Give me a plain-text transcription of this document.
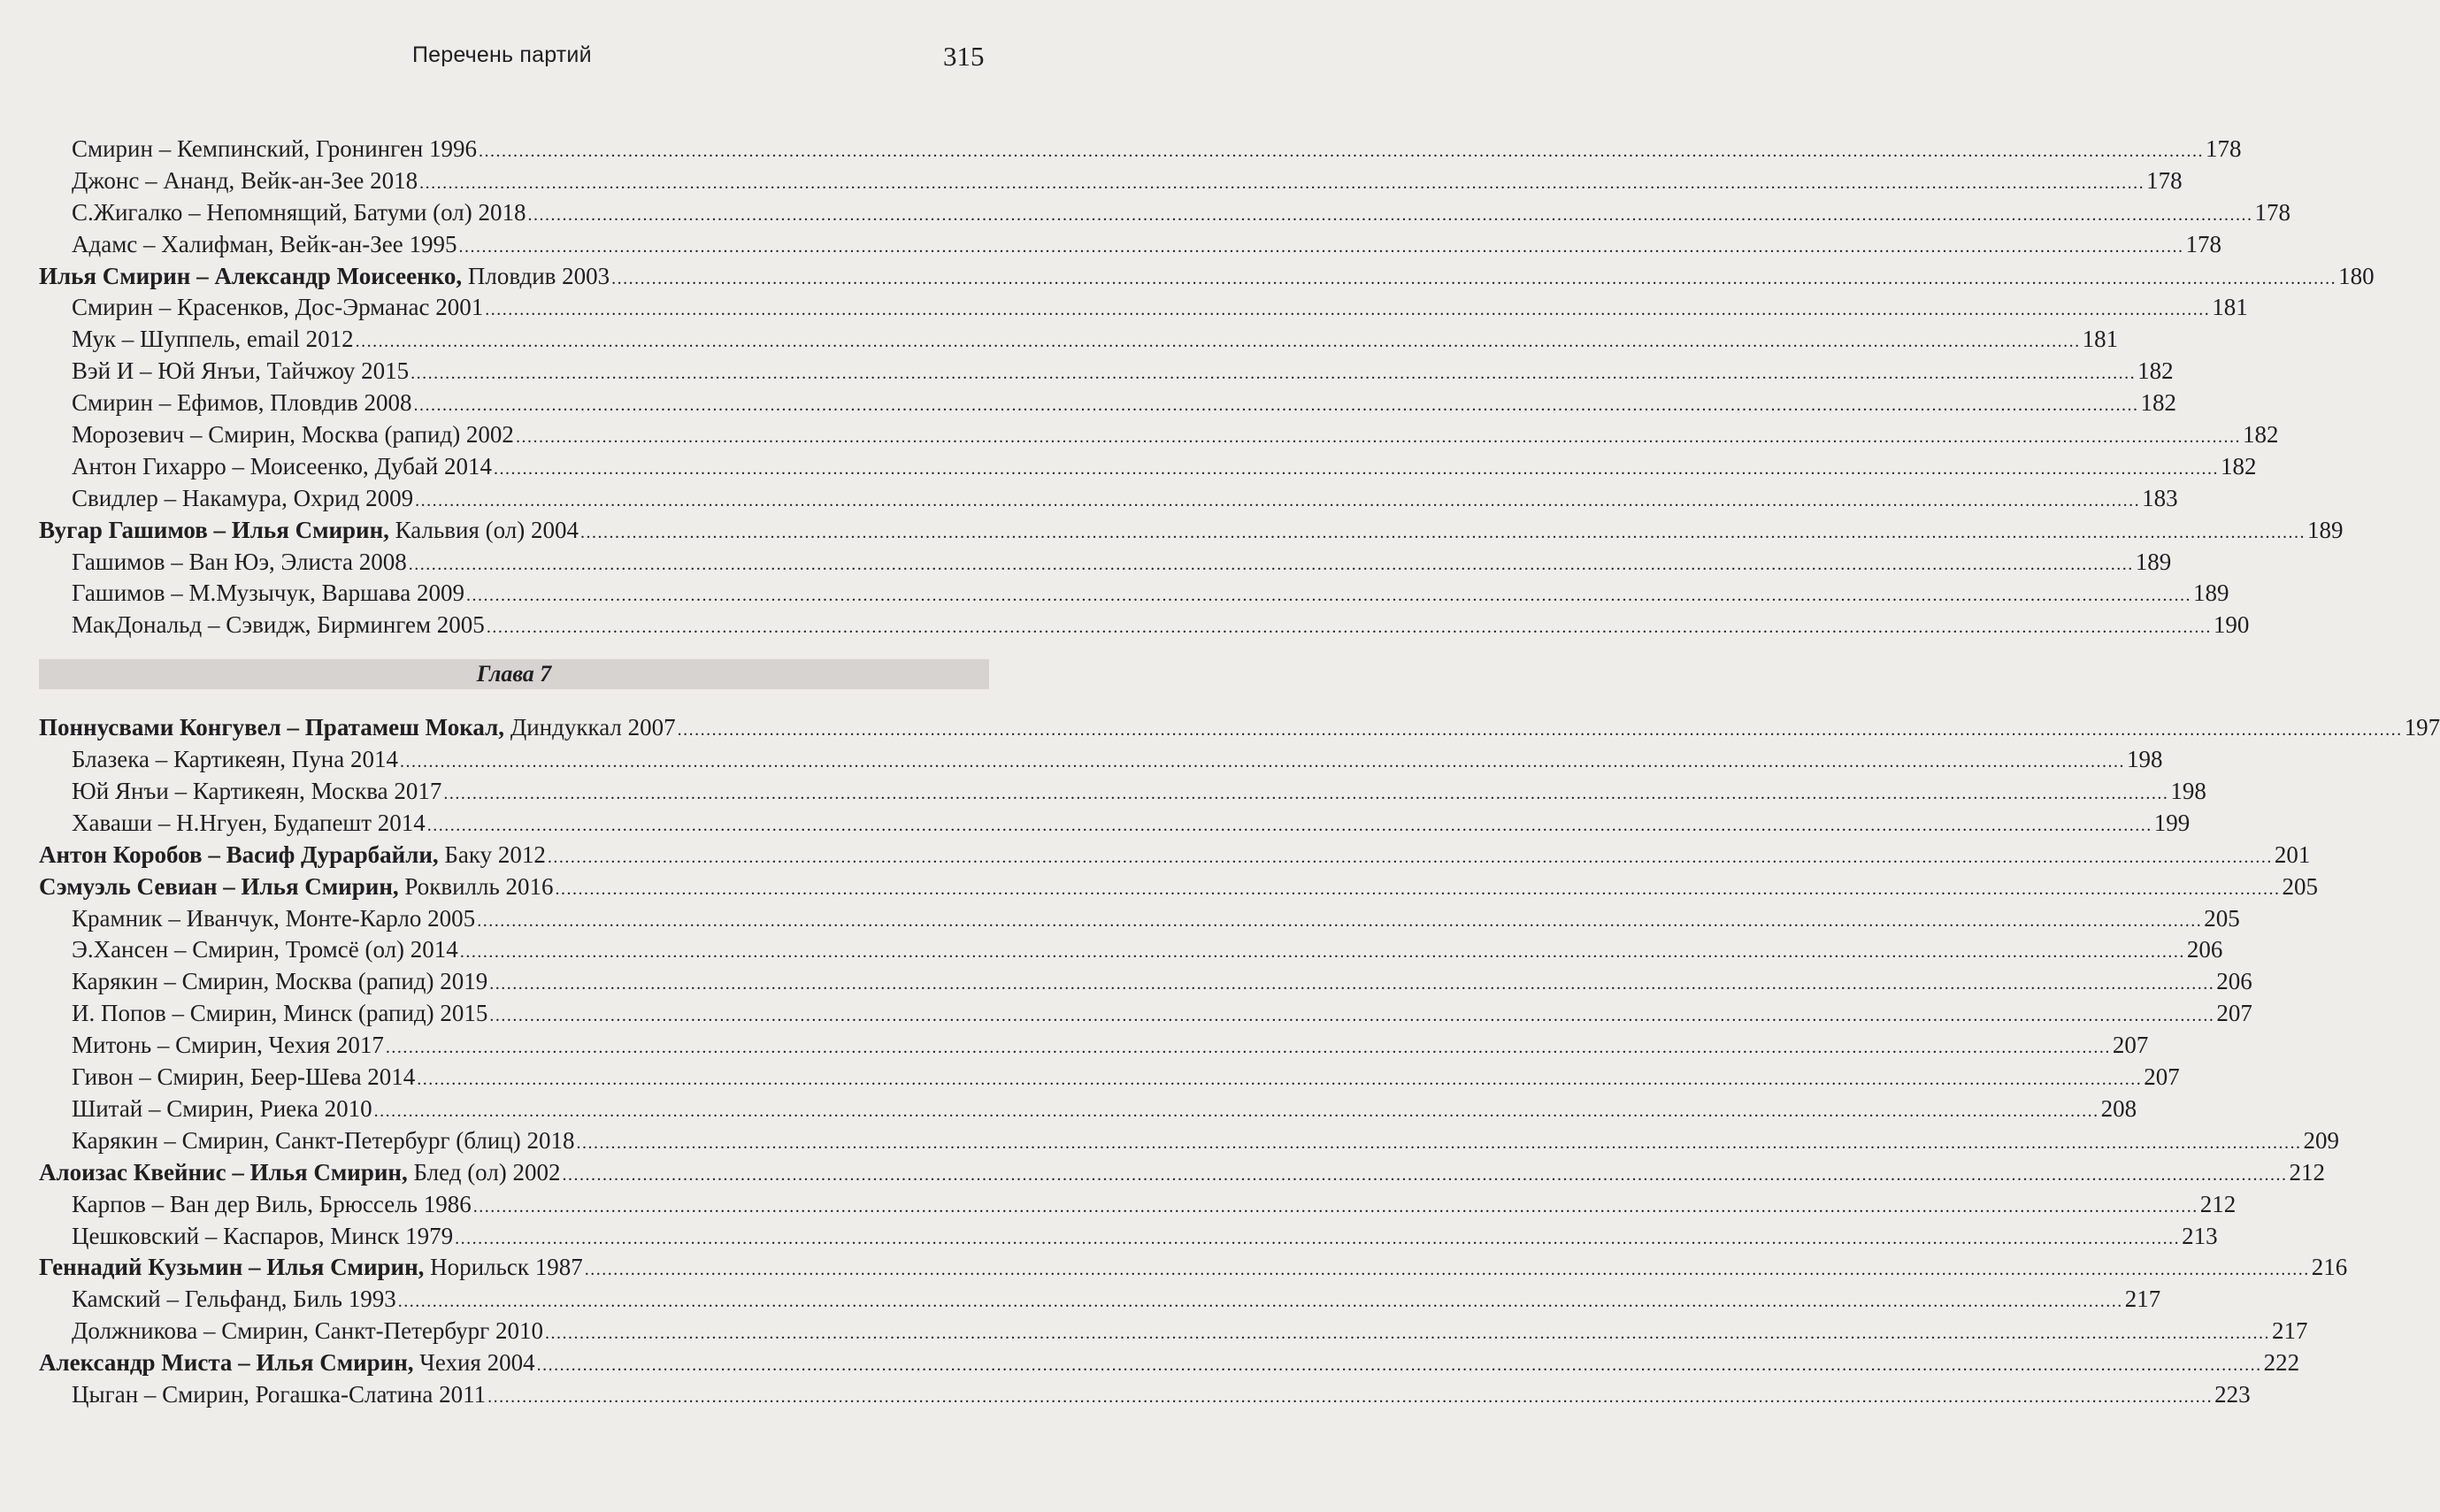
Перечень партий	315
Смирин – Кемпинский, Гронинген 1996 ............................................................................................................................................................................................................................................................................................................ 178
Джонс – Ананд, Вейк-ан-Зее 2018 ............................................................................................................................................................................................................................................................................................................ 178
С.Жигалко – Непомнящий, Батуми (ол) 2018 ............................................................................................................................................................................................................................................................................................................ 178
Адамс – Халифман, Вейк-ан-Зее 1995 ............................................................................................................................................................................................................................................................................................................ 178
Илья Смирин – Александр Моисеенко, Пловдив 2003 ............................................................................................................................................................................................................................................................................................................ 180
Смирин – Красенков, Дос-Эрманас 2001 ............................................................................................................................................................................................................................................................................................................ 181
Мук – Шуппель, email 2012 ............................................................................................................................................................................................................................................................................................................ 181
Вэй И – Юй Янъи, Тайчжоу 2015 ............................................................................................................................................................................................................................................................................................................ 182
Смирин – Ефимов, Пловдив 2008 ............................................................................................................................................................................................................................................................................................................ 182
Морозевич – Смирин, Москва (рапид) 2002 ............................................................................................................................................................................................................................................................................................................ 182
Антон Гихарро – Моисеенко, Дубай 2014 ............................................................................................................................................................................................................................................................................................................ 182
Свидлер – Накамура, Охрид 2009 ............................................................................................................................................................................................................................................................................................................ 183
Вугар Гашимов – Илья Смирин, Кальвия (ол) 2004 ............................................................................................................................................................................................................................................................................................................ 189
Гашимов – Ван Юэ, Элиста 2008 ............................................................................................................................................................................................................................................................................................................ 189
Гашимов – М.Музычук, Варшава 2009 ............................................................................................................................................................................................................................................................................................................ 189
МакДональд – Сэвидж, Бирмингем 2005 ............................................................................................................................................................................................................................................................................................................ 190
Глава 7
Поннусвами Конгувел – Пратамеш Мокал, Диндуккал 2007 ............................................................................................................................................................................................................................................................................................................ 197
Блазека – Картикеян, Пуна 2014 ............................................................................................................................................................................................................................................................................................................ 198
Юй Янъи – Картикеян, Москва 2017 ............................................................................................................................................................................................................................................................................................................ 198
Хаваши – Н.Нгуен, Будапешт 2014 ............................................................................................................................................................................................................................................................................................................ 199
Антон Коробов – Васиф Дурарбайли, Баку 2012 ............................................................................................................................................................................................................................................................................................................ 201
Сэмуэль Севиан – Илья Смирин, Роквилль 2016 ............................................................................................................................................................................................................................................................................................................ 205
Крамник – Иванчук, Монте-Карло 2005 ............................................................................................................................................................................................................................................................................................................ 205
Э.Хансен – Смирин, Тромсё (ол) 2014 ............................................................................................................................................................................................................................................................................................................ 206
Карякин – Смирин, Москва (рапид) 2019 ............................................................................................................................................................................................................................................................................................................ 206
И. Попов – Смирин, Минск (рапид) 2015 ............................................................................................................................................................................................................................................................................................................ 207
Митонь – Смирин, Чехия 2017 ............................................................................................................................................................................................................................................................................................................ 207
Гивон – Смирин, Беер-Шева 2014 ............................................................................................................................................................................................................................................................................................................ 207
Шитай – Смирин, Риека 2010 ............................................................................................................................................................................................................................................................................................................ 208
Карякин – Смирин, Санкт-Петербург (блиц) 2018 ............................................................................................................................................................................................................................................................................................................ 209
Алоизас Квейнис – Илья Смирин, Блед (ол) 2002 ............................................................................................................................................................................................................................................................................................................ 212
Карпов – Ван дер Виль, Брюссель 1986 ............................................................................................................................................................................................................................................................................................................ 212
Цешковский – Каспаров, Минск 1979 ............................................................................................................................................................................................................................................................................................................ 213
Геннадий Кузьмин – Илья Смирин, Норильск 1987 ............................................................................................................................................................................................................................................................................................................ 216
Камский – Гельфанд, Биль 1993 ............................................................................................................................................................................................................................................................................................................ 217
Должникова – Смирин, Санкт-Петербург 2010 ............................................................................................................................................................................................................................................................................................................ 217
Александр Миста – Илья Смирин, Чехия 2004 ............................................................................................................................................................................................................................................................................................................ 222
Цыган – Смирин, Рогашка-Слатина 2011 ............................................................................................................................................................................................................................................................................................................ 223
